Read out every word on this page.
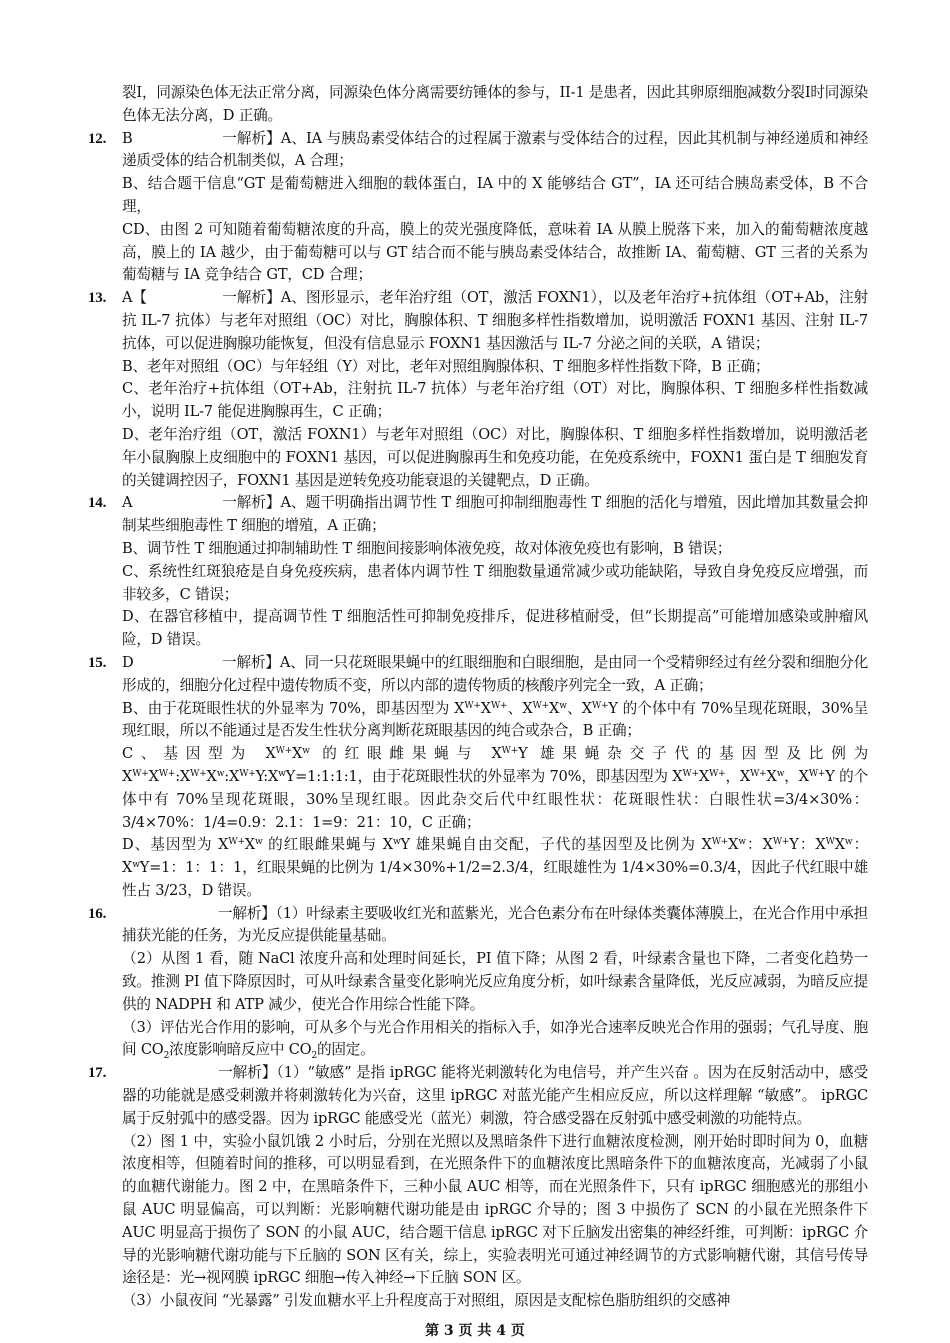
裂I，同源染色体无法正常分离，同源染色体分离需要纺锤体的参与，II-1 是患者，因此其卵原细胞减数分裂I时同源染色体无法分离，D 正确。

12.	B	一解析】A、IA 与胰岛素受体结合的过程属于激素与受体结合的过程，因此其机制与神经递质和神经递质受体的结合机制类似，A 合理；

B、结合题干信息“GT 是葡萄糖进入细胞的载体蛋白，IA 中的 X 能够结合 GT”，IA 还可结合胰岛素受体，B 不合理，

CD、由图 2 可知随着葡萄糖浓度的升高，膜上的荧光强度降低，意味着 IA 从膜上脱落下来，加入的葡萄糖浓度越高，膜上的 IA 越少，由于葡萄糖可以与 GT 结合而不能与胰岛素受体结合，故推断 IA、葡萄糖、GT 三者的关系为葡萄糖与 IA 竞争结合 GT，CD 合理；

13.	A【	一解析】A、图形显示，老年治疗组（OT，激活 FOXN1），以及老年治疗+抗体组（OT+Ab，注射抗 IL-7 抗体）与老年对照组（OC）对比，胸腺体积、T 细胞多样性指数增加，说明激活 FOXN1 基因、注射 IL-7 抗体，可以促进胸腺功能恢复，但没有信息显示 FOXN1 基因激活与 IL-7 分泌之间的关联，A 错误；

B、老年对照组（OC）与年轻组（Y）对比，老年对照组胸腺体积、T 细胞多样性指数下降，B 正确；

C、老年治疗+抗体组（OT+Ab，注射抗 IL-7 抗体）与老年治疗组（OT）对比，胸腺体积、T 细胞多样性指数减小，说明 IL-7 能促进胸腺再生，C 正确；

D、老年治疗组（OT，激活 FOXN1）与老年对照组（OC）对比，胸腺体积、T 细胞多样性指数增加，说明激活老年小鼠胸腺上皮细胞中的 FOXN1 基因，可以促进胸腺再生和免疫功能，在免疫系统中，FOXN1 蛋白是 T 细胞发育的关键调控因子，FOXN1 基因是逆转免疫功能衰退的关键靶点，D 正确。

14.	A	一解析】A、题干明确指出调节性 T 细胞可抑制细胞毒性 T 细胞的活化与增殖，因此增加其数量会抑制某些细胞毒性 T 细胞的增殖，A 正确；

B、调节性 T 细胞通过抑制辅助性 T 细胞间接影响体液免疫，故对体液免疫也有影响，B 错误；

C、系统性红斑狼疮是自身免疫疾病，患者体内调节性 T 细胞数量通常减少或功能缺陷，导致自身免疫反应增强，而非较多，C 错误；

D、在器官移植中，提高调节性 T 细胞活性可抑制免疫排斥，促进移植耐受，但“长期提高”可能增加感染或肿瘤风险，D 错误。

15.	D	一解析】A、同一只花斑眼果蝇中的红眼细胞和白眼细胞，是由同一个受精卵经过有丝分裂和细胞分化形成的，细胞分化过程中遗传物质不变，所以内部的遗传物质的核酸序列完全一致，A 正确；

B、由于花斑眼性状的外显率为 70%，即基因型为 $X^{W+}X^{W+}$、$X^{W+}X^w$、$X^{W+}Y$ 的个体中有 70%呈现花斑眼，30%呈现红眼，所以不能通过是否发生性状分离判断花斑眼基因的纯合或杂合，B 正确；

C、基因型为 $X^{W+}X^w$ 的红眼雌果蝇与 $X^{W+}Y$ 雄果蝇杂交子代的基因型及比例为 $X^{W+}X^{W+}:X^{W+}X^w:X^{W+}Y:X^wY=1:1:1:1$，由于花斑眼性状的外显率为 70%，即基因型为 $X^{W+}X^{W+}$，$X^{W+}X^w$，$X^{W+}Y$ 的个体中有 70%呈现花斑眼，30%呈现红眼。因此杂交后代中红眼性状：花斑眼性状：白眼性状=3/4×30%：3/4×70%：1/4=0.9：2.1：1=9：21：10，C 正确；

D、基因型为 $X^{W+}X^w$ 的红眼雌果蝇与 $X^wY$ 雄果蝇自由交配，子代的基因型及比例为 $X^{W+}X^w$：$X^{W+}Y$：$X^WX^w$：$X^wY=1$：1：1：1，红眼果蝇的比例为 1/4×30%+1/2=2.3/4，红眼雄性为 1/4×30%=0.3/4，因此子代红眼中雄性占 3/23，D 错误。

16.	一解析】（1）叶绿素主要吸收红光和蓝紫光，光合色素分布在叶绿体类囊体薄膜上，在光合作用中承担捕获光能的任务，为光反应提供能量基础。

（2）从图 1 看，随 NaCl 浓度升高和处理时间延长，PI 值下降；从图 2 看，叶绿素含量也下降，二者变化趋势一致。推测 PI 值下降原因时，可从叶绿素含量变化影响光反应角度分析，如叶绿素含量降低，光反应减弱，为暗反应提供的 NADPH 和 ATP 减少，使光合作用综合性能下降。

（3）评估光合作用的影响，可从多个与光合作用相关的指标入手，如净光合速率反映光合作用的强弱；气孔导度、胞间 $CO_2$浓度影响暗反应中 $CO_2$的固定。

17.	一解析】（1）“敏感” 是指 ipRGC 能将光刺激转化为电信号，并产生兴奋 。因为在反射活动中，感受器的功能就是感受刺激并将刺激转化为兴奋，这里 ipRGC 对蓝光能产生相应反应，所以这样理解 “敏感”。 ipRGC 属于反射弧中的感受器。因为 ipRGC 能感受光（蓝光）刺激，符合感受器在反射弧中感受刺激的功能特点。

（2）图 1 中，实验小鼠饥饿 2 小时后，分别在光照以及黑暗条件下进行血糖浓度检测，刚开始时即时间为 0，血糖浓度相等，但随着时间的推移，可以明显看到，在光照条件下的血糖浓度比黑暗条件下的血糖浓度高，光减弱了小鼠的血糖代谢能力。图 2 中，在黑暗条件下，三种小鼠 AUC 相等，而在光照条件下，只有 ipRGC 细胞感光的那组小鼠 AUC 明显偏高，可以判断：光影响糖代谢功能是由 ipRGC 介导的；图 3 中损伤了 SCN 的小鼠在光照条件下 AUC 明显高于损伤了 SON 的小鼠 AUC，结合题干信息 ipRGC 对下丘脑发出密集的神经纤维，可判断：ipRGC 介导的光影响糖代谢功能与下丘脑的 SON 区有关，综上，实验表明光可通过神经调节的方式影响糖代谢，其信号传导途径是：光→视网膜 ipRGC 细胞→传入神经→下丘脑 SON 区。

（3）小鼠夜间 “光暴露” 引发血糖水平上升程度高于对照组，原因是支配棕色脂肪组织的交感神

第 3 页 共 4 页
